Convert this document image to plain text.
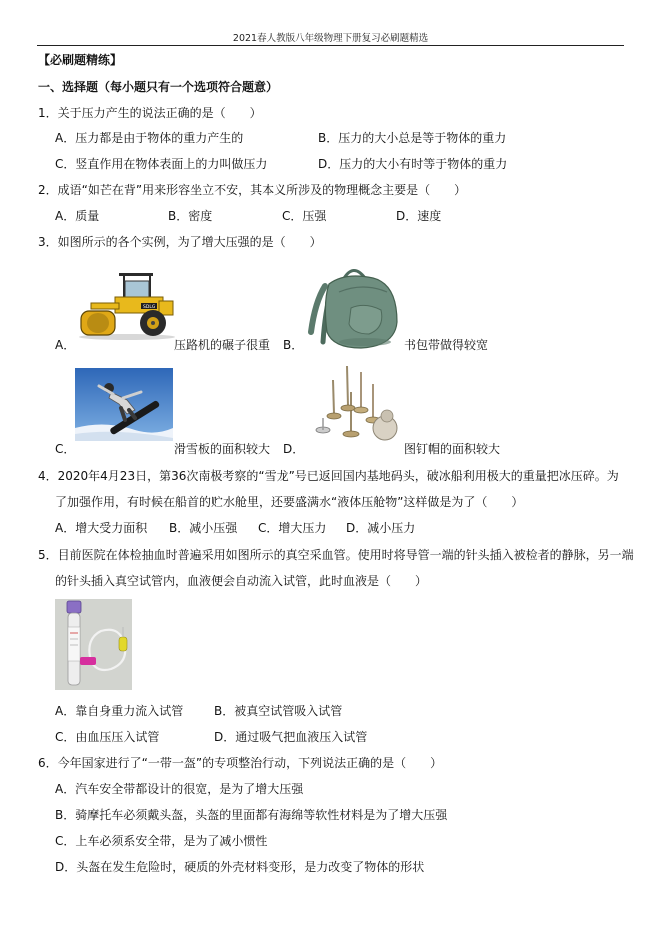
2021春人教版八年级物理下册复习必刷题精选
【必刷题精练】
一、选择题（每小题只有一个选项符合题意）
1．关于压力产生的说法正确的是（　　）
A．压力都是由于物体的重力产生的	B．压力的大小总是等于物体的重力
C．竖直作用在物体表面上的力叫做压力	D．压力的大小有时等于物体的重力
2．成语“如芒在背”用来形容坐立不安，其本义所涉及的物理概念主要是（　　）
A．质量	B．密度	C．压强	D．速度
3．如图所示的各个实例，为了增大压强的是（　　）
SDLG
A．	压路机的碾子很重 B．	书包带做得较宽
C．	滑雪板的面积较大 D．	图钉帽的面积较大
4．2020年4月23日，第36次南极考察的“雪龙”号已返回国内基地码头，破冰船利用极大的重量把冰压碎。为
了加强作用，有时候在船首的贮水舱里，还要盛满水“液体压舱物”这样做是为了（　　）
A．增大受力面积 B．减小压强 C．增大压力 D．减小压力
5．目前医院在体检抽血时普遍采用如图所示的真空采血管。使用时将导管一端的针头插入被检者的静脉，另一端
的针头插入真空试管内，血液便会自动流入试管，此时血液是（　　）
A．靠自身重力流入试管	B．被真空试管吸入试管
C．由血压压入试管	D．通过吸气把血液压入试管
6．今年国家进行了“一带一盔”的专项整治行动，下列说法正确的是（　　）
A．汽车安全带都设计的很宽，是为了增大压强
B．骑摩托车必须戴头盔，头盔的里面都有海绵等软性材料是为了增大压强
C．上车必须系安全带，是为了减小惯性
D．头盔在发生危险时，硬质的外壳材料变形，是力改变了物体的形状
